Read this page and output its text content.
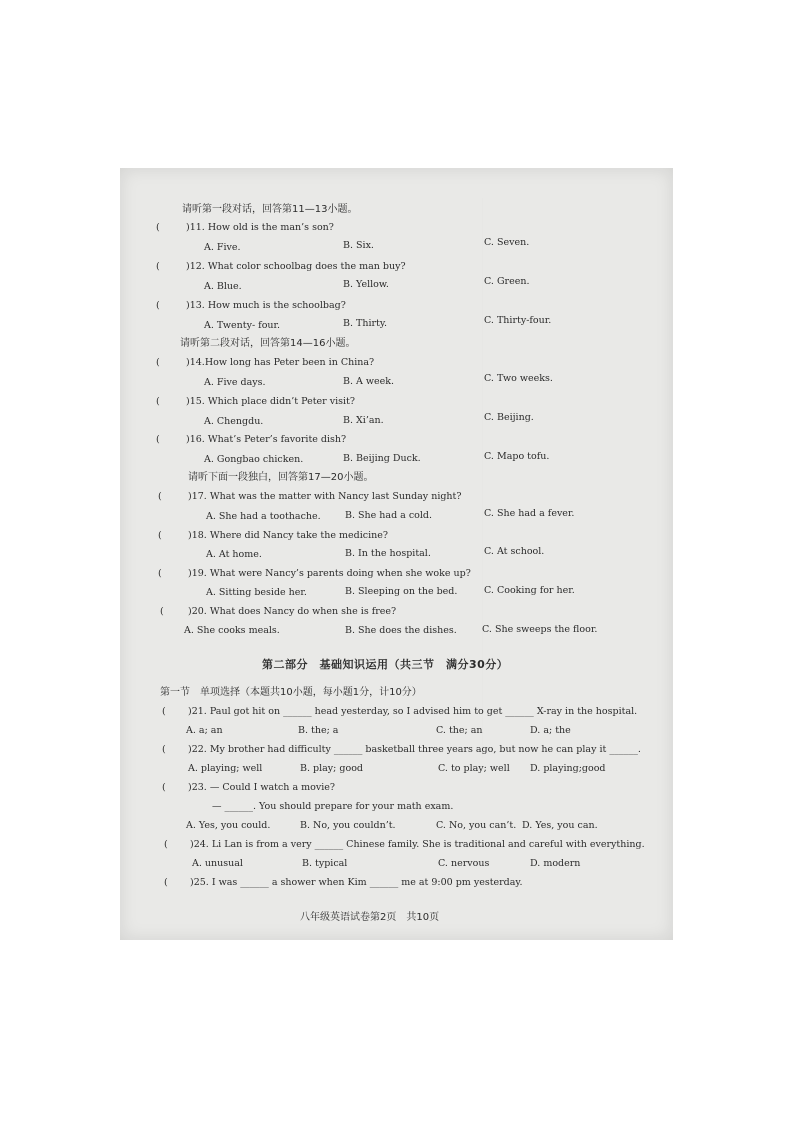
请听第一段对话，回答第11—13小题。
(	)11. How old is the man’s son?
A. Five.	B. Six.	C. Seven.
(	)12. What color schoolbag does the man buy?
A. Blue.	B. Yellow.	C. Green.
(	)13. How much is the schoolbag?
A. Twenty- four.	B. Thirty.	C. Thirty-four.
请听第二段对话，回答第14—16小题。
(	)14.How long has Peter been in China?
A. Five days.	B. A week.	C. Two weeks.
(	)15. Which place didn’t Peter visit?
A. Chengdu.	B. Xi’an.	C. Beijing.
(	)16. What’s Peter’s favorite dish?
A. Gongbao chicken.	B. Beijing Duck.	C. Mapo tofu.
请听下面一段独白，回答第17—20小题。
(	)17. What was the matter with Nancy last Sunday night?
A. She had a toothache.	B. She had a cold.	C. She had a fever.
(	)18. Where did Nancy take the medicine?
A. At home.	B. In the hospital.	C. At school.
(	)19. What were Nancy’s parents doing when she woke up?
A. Sitting beside her.	B. Sleeping on the bed.	C. Cooking for her.
(	)20. What does Nancy do when she is free?
A. She cooks meals.	B. She does the dishes.	C. She sweeps the floor.
第二部分　基础知识运用（共三节　满分30分）
第一节　单项选择（本题共10小题，每小题1分，计10分）
( )21. Paul got hit on ______ head yesterday, so I advised him to get ______ X-ray in the hospital.
A. a; an	B. the; a	C. the; an	D. a; the
( )22. My brother had difficulty ______ basketball three years ago, but now he can play it ______.
A. playing; well	B. play; good	C. to play; well D. playing;good
( )23. — Could I watch a movie?
— ______. You should prepare for your math exam.
A. Yes, you could.	B. No, you couldn’t.	C. No, you can’t. D. Yes, you can.
( )24. Li Lan is from a very ______ Chinese family. She is traditional and careful with everything.
A. unusual	B. typical	C. nervous	D. modern
( )25. I was ______ a shower when Kim ______ me at 9:00 pm yesterday.
八年级英语试卷第2页　共10页
